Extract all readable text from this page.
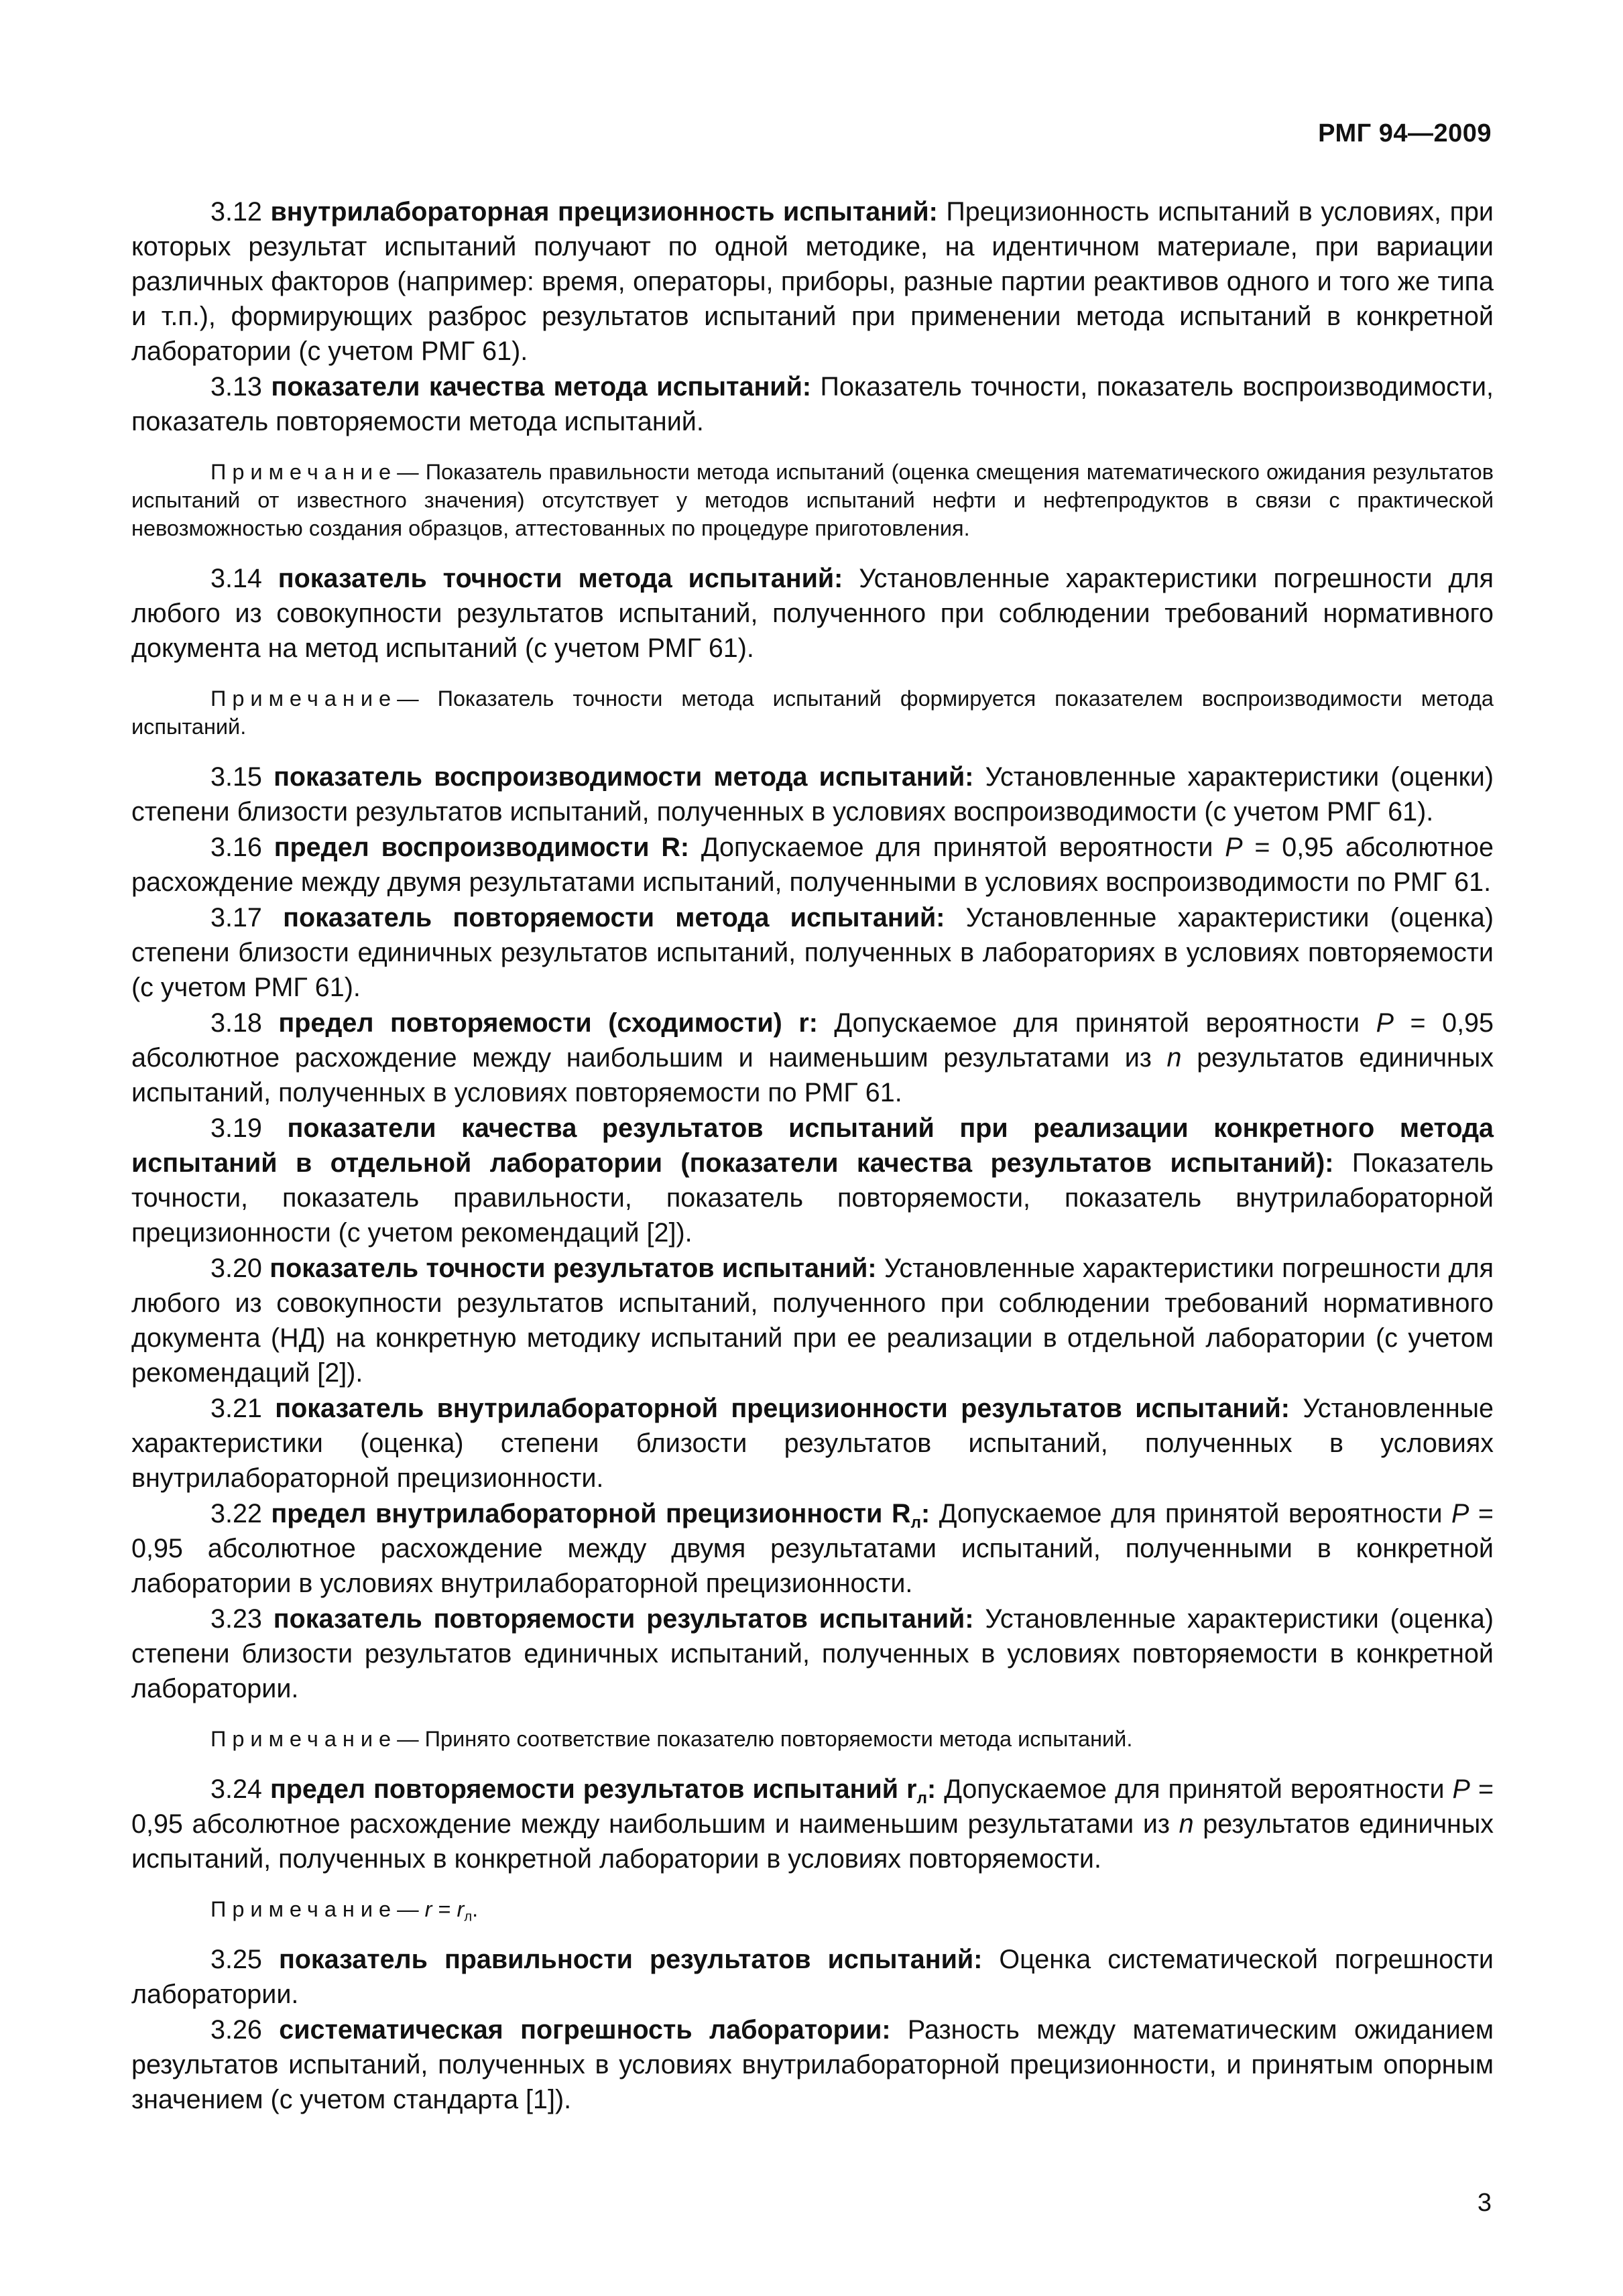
РМГ 94—2009

3.12 внутрилабораторная прецизионность испытаний: Прецизионность испытаний в условиях, при которых результат испытаний получают по одной методике, на идентичном материале, при вариации различных факторов (например: время, операторы, приборы, разные партии реактивов одного и того же типа и т.п.), формирующих разброс результатов испытаний при применении метода испытаний в конкретной лаборатории (с учетом РМГ 61).

3.13 показатели качества метода испытаний: Показатель точности, показатель воспроизводимости, показатель повторяемости метода испытаний.

Примечание— Показатель правильности метода испытаний (оценка смещения математического ожидания результатов испытаний от известного значения) отсутствует у методов испытаний нефти и нефтепродуктов в связи с практической невозможностью создания образцов, аттестованных по процедуре приготовления.

3.14 показатель точности метода испытаний: Установленные характеристики погрешности для любого из совокупности результатов испытаний, полученного при соблюдении требований нормативного документа на метод испытаний (с учетом РМГ 61).

Примечание— Показатель точности метода испытаний формируется показателем воспроизводимости метода испытаний.

3.15 показатель воспроизводимости метода испытаний: Установленные характеристики (оценки) степени близости результатов испытаний, полученных в условиях воспроизводимости (с учетом РМГ 61).

3.16 предел воспроизводимости R: Допускаемое для принятой вероятности P = 0,95 абсолютное расхождение между двумя результатами испытаний, полученными в условиях воспроизводимости по РМГ 61.

3.17 показатель повторяемости метода испытаний: Установленные характеристики (оценка) степени близости единичных результатов испытаний, полученных в лабораториях в условиях повторяемости (с учетом РМГ 61).

3.18 предел повторяемости (сходимости) r: Допускаемое для принятой вероятности P = 0,95 абсолютное расхождение между наибольшим и наименьшим результатами из n результатов единичных испытаний, полученных в условиях повторяемости по РМГ 61.

3.19 показатели качества результатов испытаний при реализации конкретного метода испытаний в отдельной лаборатории (показатели качества результатов испытаний): Показатель точности, показатель правильности, показатель повторяемости, показатель внутрилабораторной прецизионности (с учетом рекомендаций [2]).

3.20 показатель точности результатов испытаний: Установленные характеристики погрешности для любого из совокупности результатов испытаний, полученного при соблюдении требований нормативного документа (НД) на конкретную методику испытаний при ее реализации в отдельной лаборатории (с учетом рекомендаций [2]).

3.21 показатель внутрилабораторной прецизионности результатов испытаний: Установленные характеристики (оценка) степени близости результатов испытаний, полученных в условиях внутрилабораторной прецизионности.

3.22 предел внутрилабораторной прецизионности $R_л$: Допускаемое для принятой вероятности P = 0,95 абсолютное расхождение между двумя результатами испытаний, полученными в конкретной лаборатории в условиях внутрилабораторной прецизионности.

3.23 показатель повторяемости результатов испытаний: Установленные характеристики (оценка) степени близости результатов единичных испытаний, полученных в условиях повторяемости в конкретной лаборатории.

Примечание— Принято соответствие показателю повторяемости метода испытаний.

3.24 предел повторяемости результатов испытаний $r_л$: Допускаемое для принятой вероятности P = 0,95 абсолютное расхождение между наибольшим и наименьшим результатами из n результатов единичных испытаний, полученных в конкретной лаборатории в условиях повторяемости.

Примечание— $r = r_л$.

3.25 показатель правильности результатов испытаний: Оценка систематической погрешности лаборатории.

3.26 систематическая погрешность лаборатории: Разность между математическим ожиданием результатов испытаний, полученных в условиях внутрилабораторной прецизионности, и принятым опорным значением (с учетом стандарта [1]).

3
